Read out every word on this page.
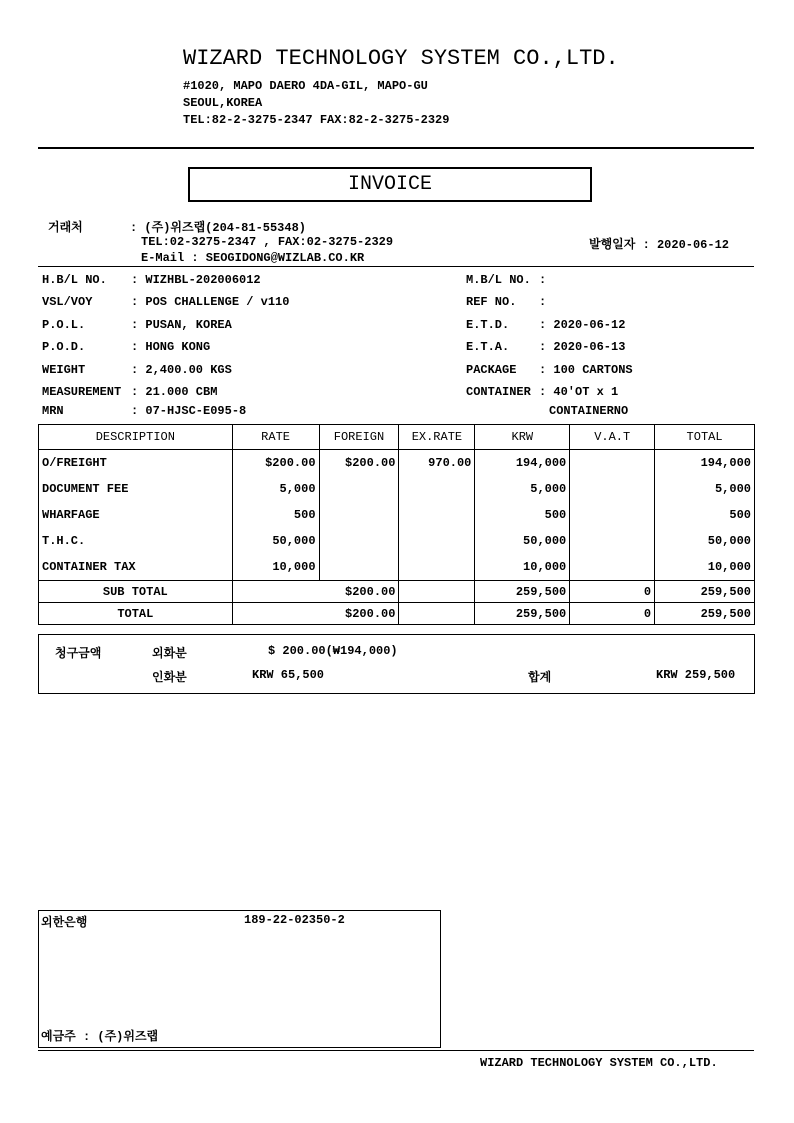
WIZARD TECHNOLOGY SYSTEM CO.,LTD.
#1020, MAPO DAERO 4DA-GIL, MAPO-GU
SEOUL,KOREA
TEL:82-2-3275-2347 FAX:82-2-3275-2329
INVOICE
거래처	: (주)위즈랩(204-81-55348)
TEL:02-3275-2347 , FAX:02-3275-2329
E-Mail : SEOGIDONG@WIZLAB.CO.KR
발행일자 : 2020-06-12
H.B/L NO. : WIZHBL-202006012	M.B/L NO. :
VSL/VOY	: POS CHALLENGE / v110	REF NO. :
P.O.L.	: PUSAN, KOREA	E.T.D. : 2020-06-12
P.O.D.	: HONG KONG	E.T.A. : 2020-06-13
WEIGHT	: 2,400.00 KGS	PACKAGE : 100 CARTONS
MEASUREMENT : 21.000 CBM	CONTAINER : 40'OT x 1
MRN	: 07-HJSC-E095-8	CONTAINERNO
DESCRIPTION	RATE	FOREIGN	EX.RATE	KRW	V.A.T	TOTAL
O/FREIGHT	$200.00	$200.00	970.00	194,000		194,000
DOCUMENT FEE	5,000			5,000		5,000
WHARFAGE	500			500		500
T.H.C.	50,000			50,000		50,000
CONTAINER TAX	10,000			10,000		10,000
SUB TOTAL	$200.00			259,500	0	259,500
TOTAL	$200.00			259,500	0	259,500
청구금액	외화분	$ 200.00(₩194,000)
인화분	KRW 65,500	합계	KRW 259,500
외한은행	189-22-02350-2
예금주 : (주)위즈랩
WIZARD TECHNOLOGY SYSTEM CO.,LTD.
